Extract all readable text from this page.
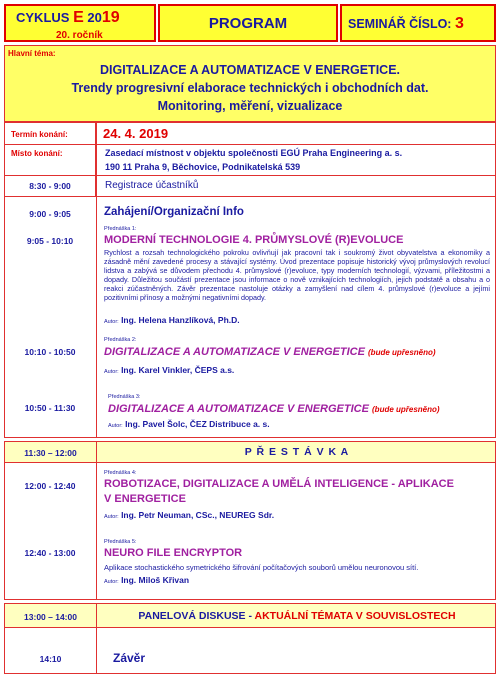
CYKLUS E 2019
20. ročník
PROGRAM	SEMINÁŘ ČÍSLO: 3
Hlavní téma:
DIGITALIZACE A AUTOMATIZACE V ENERGETICE.
Trendy progresivní elaborace technických i obchodních dat.
Monitoring, měření, vizualizace
Termín konání:	24. 4. 2019
Místo konání:	Zasedací místnost v objektu společnosti EGÚ Praha Engineering a. s.
190 11 Praha 9, Běchovice, Podnikatelská 539
8:30 - 9:00	Registrace účastníků
9:00 - 9:05	Zahájení/Organizační Info
9:05 - 10:10
Přednáška 1:
MODERNÍ TECHNOLOGIE 4. PRŮMYSLOVÉ (R)EVOLUCE
Rychlost a rozsah technologického pokroku ovlivňují jak pracovní tak i soukromý život obyvatelstva a ekonomiky a zásadně mění zavedené procesy a stávající systémy. Úvod prezentace popisuje historický vývoj průmyslových revolucí lidstva a zabývá se důvodem přechodu 4. průmyslové (r)evoluce, typy moderních technologií, výzvami, příležitostmi a dopady. Důležitou součástí prezentace jsou informace o nově vznikajících technologiích, jejich podstatě a obsahu a o reakci zúčastněných. Závěr prezentace nastoluje otázky a zamyšlení nad cílem 4. průmyslové (r)evoluce a jejími pozitivními přínosy a možnými negativními dopady.
Autor: Ing. Helena Hanzlíková, Ph.D.
10:10 - 10:50
Přednáška 2:
DIGITALIZACE A AUTOMATIZACE V ENERGETICE (bude upřesněno)
Autor: Ing. Karel Vinkler, ČEPS a.s.
10:50 - 11:30
Přednáška 3:
DIGITALIZACE A AUTOMATIZACE V ENERGETICE (bude upřesněno)
Autor: Ing. Pavel Šolc, ČEZ Distribuce a. s.
11:30 – 12:00	P Ř E S T Á V K A
12:00 - 12:40
Přednáška 4:
ROBOTIZACE, DIGITALIZACE A UMĚLÁ INTELIGENCE - APLIKACE
V ENERGETICE
Autor: Ing. Petr Neuman, CSc., NEUREG Sdr.
12:40 - 13:00
Přednáška 5:
NEURO FILE ENCRYPTOR
Aplikace stochastického symetrického šifrování počítačových souborů umělou neuronovou sítí.
Autor: Ing. Miloš Křivan
13:00 – 14:00	PANELOVÁ DISKUSE - AKTUÁLNÍ TÉMATA V SOUVISLOSTECH
14:10	Závěr
